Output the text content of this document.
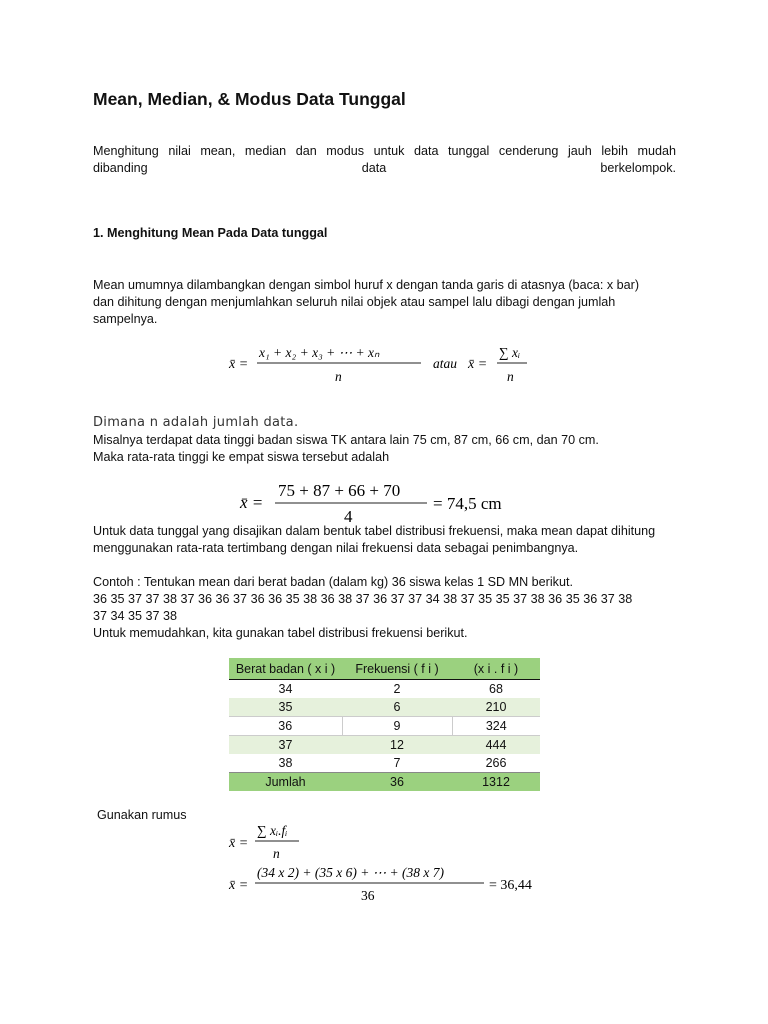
Mean, Median, & Modus Data Tunggal

Menghitung nilai mean, median dan modus untuk data tunggal cenderung jauh lebih mudah

dibanding data berkelompok.

1. Menghitung Mean Pada Data tunggal
Mean umumnya dilambangkan dengan simbol huruf x dengan tanda garis di atasnya (baca: x bar) dan dihitung dengan menjumlahkan seluruh nilai objek atau sampel lalu dibagi dengan jumlah sampelnya.
x̄ =
x₁ + x₂ + x₃ + ⋯ + xₙ
n
atau x̄ =
∑ xᵢ
n
Dimana n adalah jumlah data.

Misalnya terdapat data tinggi badan siswa TK antara lain 75 cm, 87 cm, 66 cm, dan 70 cm.

Maka rata-rata tinggi ke empat siswa tersebut adalah

x̄ =
75 + 87 + 66 + 70
4
= 74,5 cm
Untuk data tunggal yang disajikan dalam bentuk tabel distribusi frekuensi, maka mean dapat dihitung menggunakan rata-rata tertimbang dengan nilai frekuensi data sebagai penimbangnya.

Contoh : Tentukan mean dari berat badan (dalam kg) 36 siswa kelas 1 SD MN berikut.

36 35 37 37 38 37 36 36 37 36 36 35 38 36 38 37 36 37 37 34 38 37 35 35 37 38 36 35 36 37 38

37 34 35 37 38

Untuk memudahkan, kita gunakan tabel distribusi frekuensi berikut.

Berat badan ( x i )	Frekuensi ( f i )	(x i . f i )
34	2	68
35	6	210
36	9	324
37	12	444
38	7	266
Jumlah	36	1312
Gunakan rumus
x̄ =
∑ xᵢ.fᵢ
n
x̄ =
(34 x 2) + (35 x 6) + ⋯ + (38 x 7)
36
= 36,44
